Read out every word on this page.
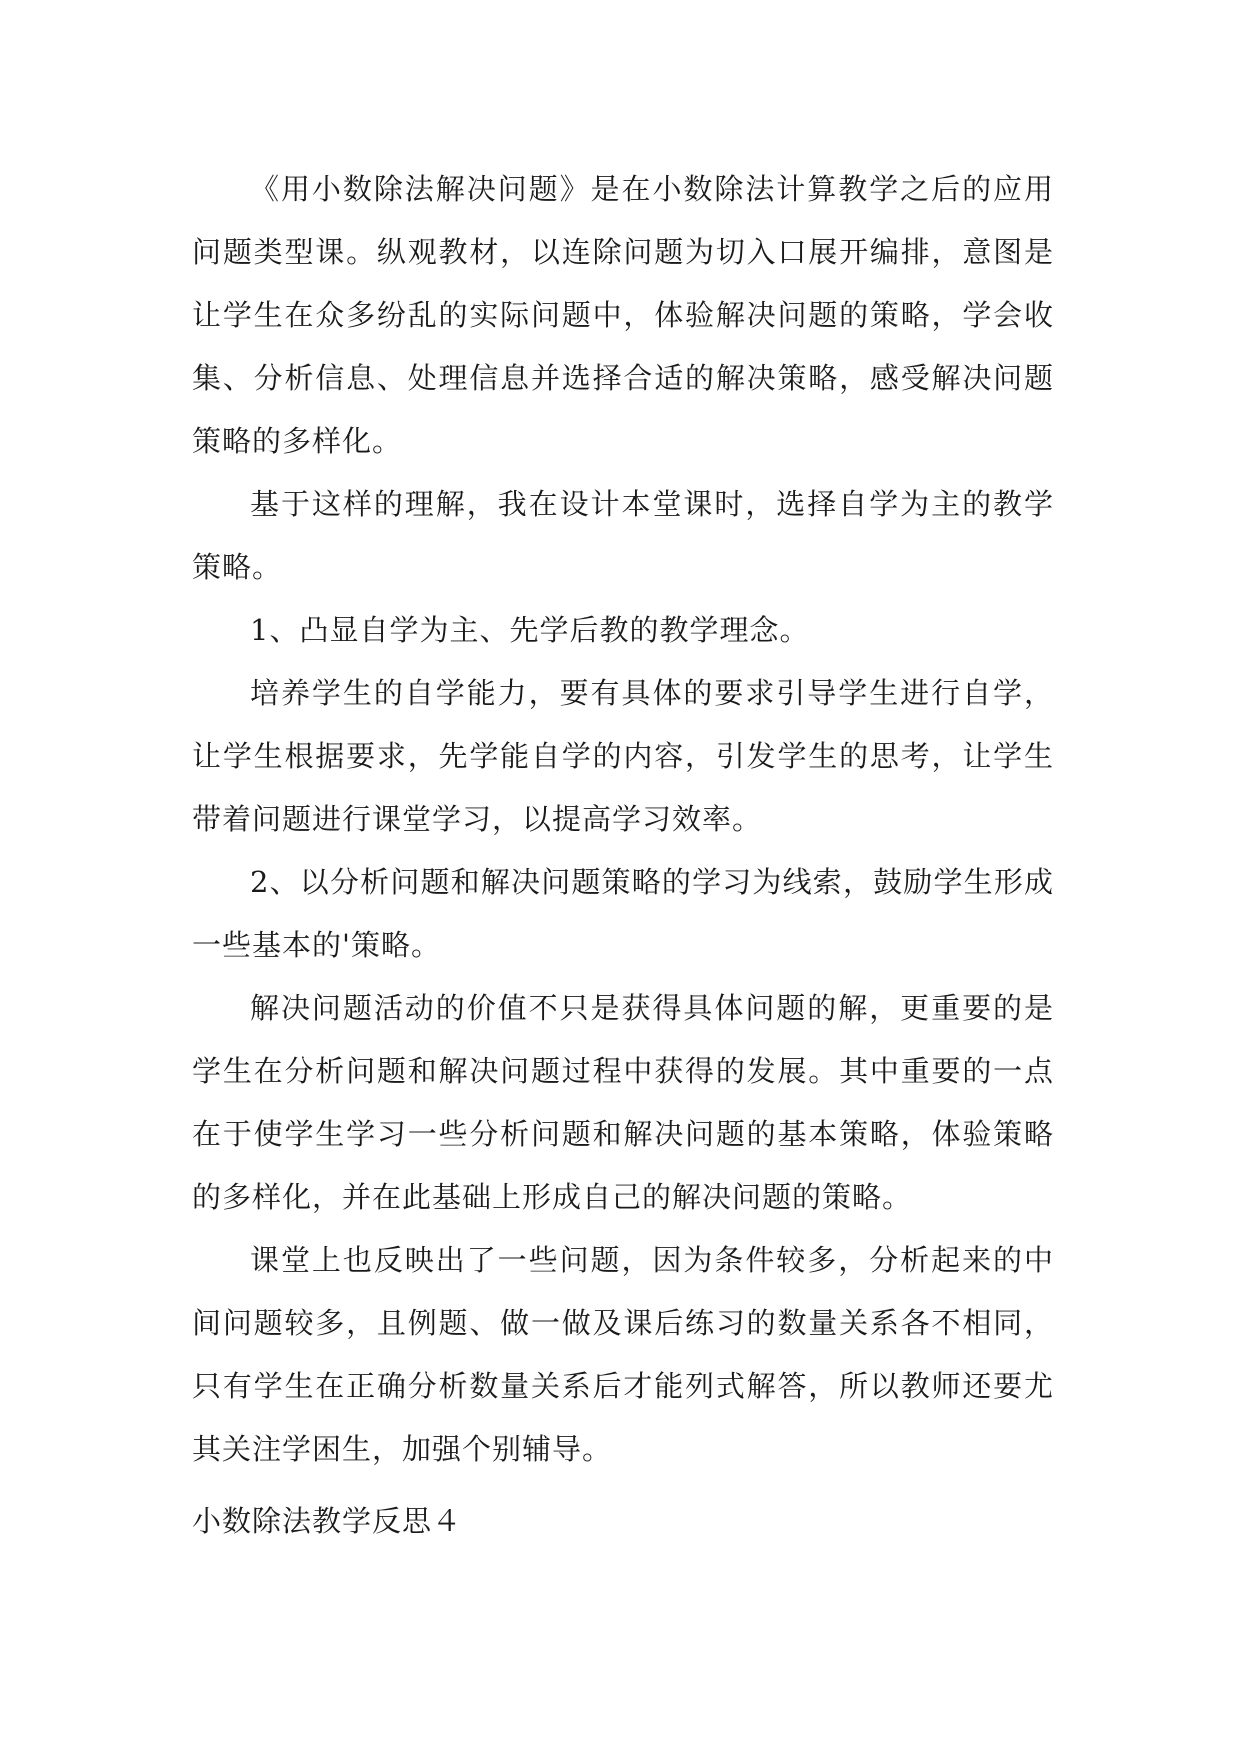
《用小数除法解决问题》是在小数除法计算教学之后的应用问题类型课。纵观教材，以连除问题为切入口展开编排，意图是让学生在众多纷乱的实际问题中，体验解决问题的策略，学会收集、分析信息、处理信息并选择合适的解决策略，感受解决问题策略的多样化。

基于这样的理解，我在设计本堂课时，选择自学为主的教学策略。

1、凸显自学为主、先学后教的教学理念。

培养学生的自学能力，要有具体的要求引导学生进行自学，让学生根据要求，先学能自学的内容，引发学生的思考，让学生带着问题进行课堂学习，以提高学习效率。

2、以分析问题和解决问题策略的学习为线索，鼓励学生形成一些基本的'策略。

解决问题活动的价值不只是获得具体问题的解，更重要的是学生在分析问题和解决问题过程中获得的发展。其中重要的一点在于使学生学习一些分析问题和解决问题的基本策略，体验策略的多样化，并在此基础上形成自己的解决问题的策略。

课堂上也反映出了一些问题，因为条件较多，分析起来的中间问题较多，且例题、做一做及课后练习的数量关系各不相同，只有学生在正确分析数量关系后才能列式解答，所以教师还要尤其关注学困生，加强个别辅导。

小数除法教学反思４
